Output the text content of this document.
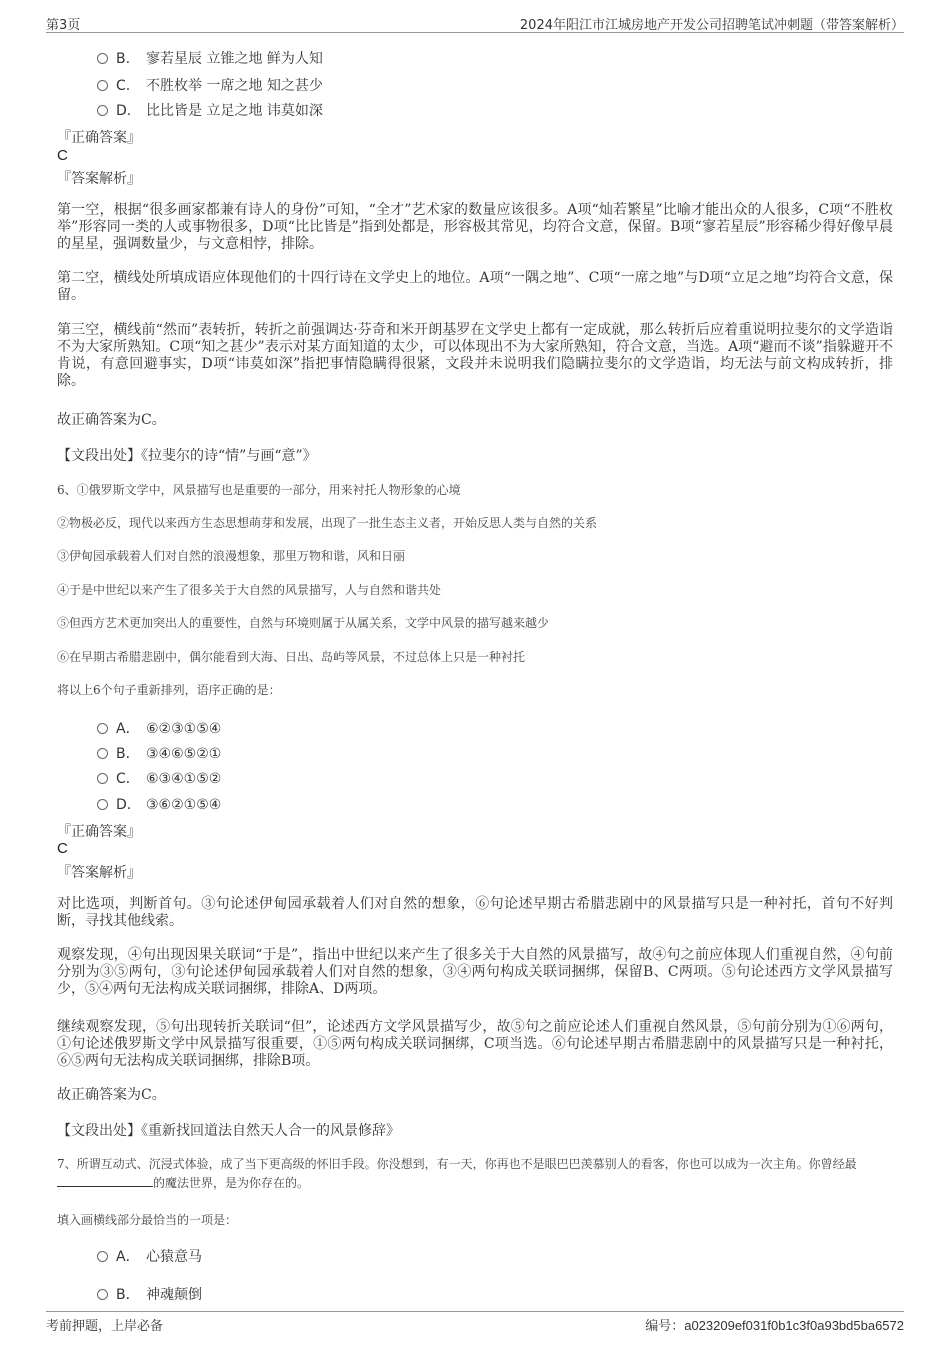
第3页	2024年阳江市江城房地产开发公司招聘笔试冲刺题（带答案解析）
B. 寥若星辰 立锥之地 鲜为人知
C. 不胜枚举 一席之地 知之甚少
D. 比比皆是 立足之地 讳莫如深
『正确答案』
C
『答案解析』

第一空，根据“很多画家都兼有诗人的身份”可知，“全才”艺术家的数量应该很多。A项“灿若繁星”比喻才能出众的人很多，C项“不胜枚举”形容同一类的人或事物很多，D项“比比皆是”指到处都是，形容极其常见，均符合文意，保留。B项“寥若星辰”形容稀少得好像早晨的星星，强调数量少，与文意相悖，排除。

第二空，横线处所填成语应体现他们的十四行诗在文学史上的地位。A项“一隅之地”、C项“一席之地”与D项“立足之地”均符合文意，保留。

第三空，横线前“然而”表转折，转折之前强调达·芬奇和米开朗基罗在文学史上都有一定成就，那么转折后应着重说明拉斐尔的文学造诣不为大家所熟知。C项“知之甚少”表示对某方面知道的太少，可以体现出不为大家所熟知，符合文意，当选。A项“避而不谈”指躲避开不肯说，有意回避事实，D项“讳莫如深”指把事情隐瞒得很紧，文段并未说明我们隐瞒拉斐尔的文学造诣，均无法与前文构成转折，排除。

故正确答案为C。

【文段出处】《拉斐尔的诗“情”与画“意”》
6、①俄罗斯文学中，风景描写也是重要的一部分，用来衬托人物形象的心境
②物极必反，现代以来西方生态思想萌芽和发展，出现了一批生态主义者，开始反思人类与自然的关系
③伊甸园承载着人们对自然的浪漫想象，那里万物和谐，风和日丽
④于是中世纪以来产生了很多关于大自然的风景描写，人与自然和谐共处
⑤但西方艺术更加突出人的重要性，自然与环境则属于从属关系，文学中风景的描写越来越少
⑥在早期古希腊悲剧中，偶尔能看到大海、日出、岛屿等风景，不过总体上只是一种衬托
将以上6个句子重新排列，语序正确的是：
A． ⑥②③①⑤④
B． ③④⑥⑤②①
C． ⑥③④①⑤②
D． ③⑥②①⑤④
『正确答案』
C
『答案解析』

对比选项，判断首句。③句论述伊甸园承载着人们对自然的想象，⑥句论述早期古希腊悲剧中的风景描写只是一种衬托，首句不好判断，寻找其他线索。

观察发现，④句出现因果关联词“于是”，指出中世纪以来产生了很多关于大自然的风景描写，故④句之前应体现人们重视自然，④句前分别为③⑤两句，③句论述伊甸园承载着人们对自然的想象，③④两句构成关联词捆绑，保留B、C两项。⑤句论述西方文学风景描写少，⑤④两句无法构成关联词捆绑，排除A、D两项。

继续观察发现，⑤句出现转折关联词“但”，论述西方文学风景描写少，故⑤句之前应论述人们重视自然风景，⑤句前分别为①⑥两句，①句论述俄罗斯文学中风景描写很重要，①⑤两句构成关联词捆绑，C项当选。⑥句论述早期古希腊悲剧中的风景描写只是一种衬托，⑥⑤两句无法构成关联词捆绑，排除B项。

故正确答案为C。

【文段出处】《重新找回道法自然天人合一的风景修辞》

7、所谓互动式、沉浸式体验，成了当下更高级的怀旧手段。你没想到，有一天，你再也不是眼巴巴羡慕别人的看客，你也可以成为一次主角。你曾经最的魔法世界，是为你存在的。

填入画横线部分最恰当的一项是：
A． 心猿意马
B． 神魂颠倒
考前押题，上岸必备	编号：a023209ef031f0b1c3f0a93bd5ba6572
